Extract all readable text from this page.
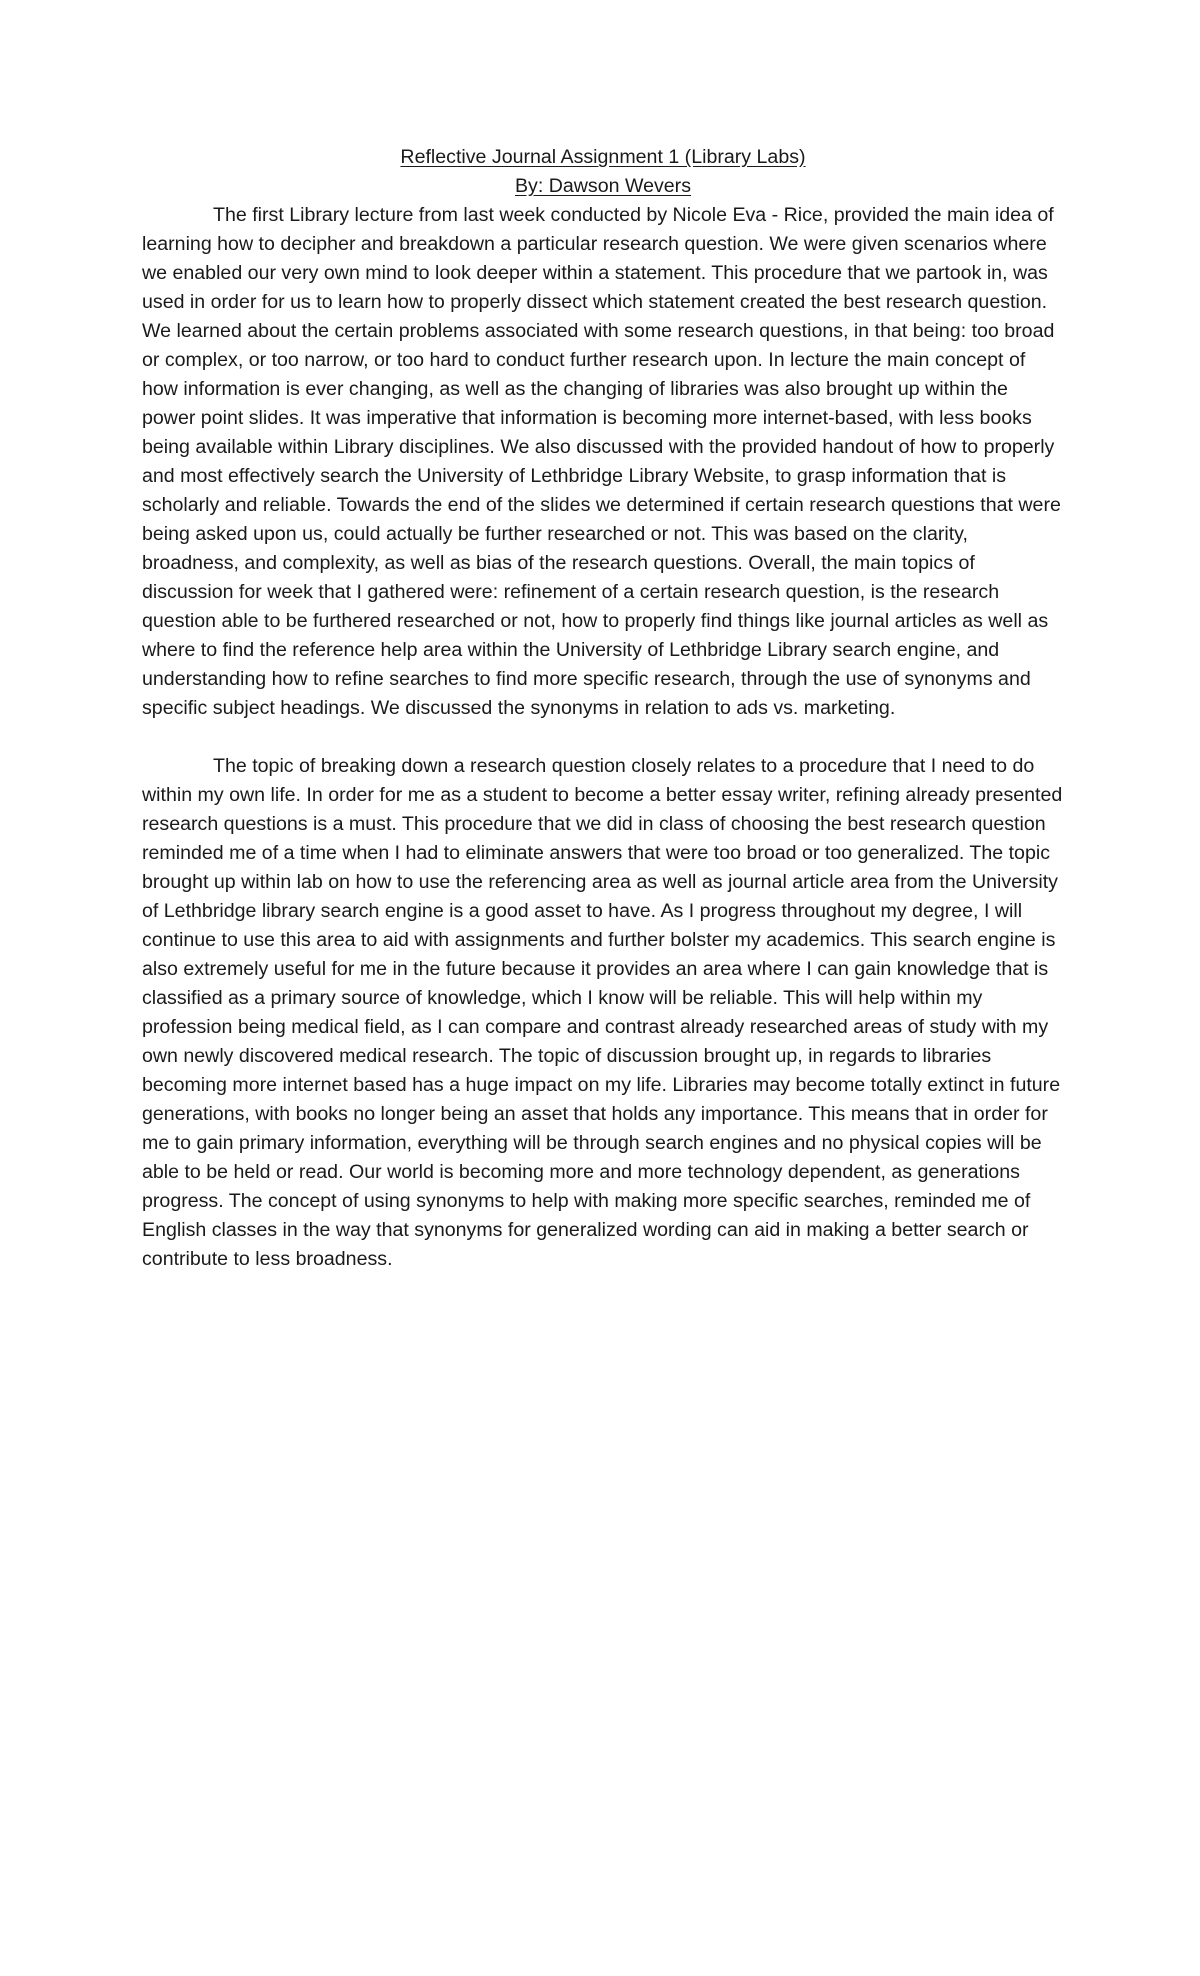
Reflective Journal Assignment 1 (Library Labs)

By: Dawson Wevers

The first Library lecture from last week conducted by Nicole Eva - Rice, provided the main idea of learning how to decipher and breakdown a particular research question. We were given scenarios where we enabled our very own mind to look deeper within a statement. This procedure that we partook in, was used in order for us to learn how to properly dissect which statement created the best research question. We learned about the certain problems associated with some research questions, in that being: too broad or complex, or too narrow, or too hard to conduct further research upon. In lecture the main concept of how information is ever changing, as well as the changing of libraries was also brought up within the power point slides. It was imperative that information is becoming more internet-based, with less books being available within Library disciplines. We also discussed with the provided handout of how to properly and most effectively search the University of Lethbridge Library Website, to grasp information that is scholarly and reliable. Towards the end of the slides we determined if certain research questions that were being asked upon us, could actually be further researched or not. This was based on the clarity, broadness, and complexity, as well as bias of the research questions. Overall, the main topics of discussion for week that I gathered were: refinement of a certain research question, is the research question able to be furthered researched or not, how to properly find things like journal articles as well as where to find the reference help area within the University of Lethbridge Library search engine, and understanding how to refine searches to find more specific research, through the use of synonyms and specific subject headings. We discussed the synonyms in relation to ads vs. marketing.

The topic of breaking down a research question closely relates to a procedure that I need to do within my own life. In order for me as a student to become a better essay writer, refining already presented research questions is a must. This procedure that we did in class of choosing the best research question reminded me of a time when I had to eliminate answers that were too broad or too generalized. The topic brought up within lab on how to use the referencing area as well as journal article area from the University of Lethbridge library search engine is a good asset to have. As I progress throughout my degree, I will continue to use this area to aid with assignments and further bolster my academics. This search engine is also extremely useful for me in the future because it provides an area where I can gain knowledge that is classified as a primary source of knowledge, which I know will be reliable. This will help within my profession being medical field, as I can compare and contrast already researched areas of study with my own newly discovered medical research. The topic of discussion brought up, in regards to libraries becoming more internet based has a huge impact on my life. Libraries may become totally extinct in future generations, with books no longer being an asset that holds any importance. This means that in order for me to gain primary information, everything will be through search engines and no physical copies will be able to be held or read. Our world is becoming more and more technology dependent, as generations progress. The concept of using synonyms to help with making more specific searches, reminded me of English classes in the way that synonyms for generalized wording can aid in making a better search or contribute to less broadness.
